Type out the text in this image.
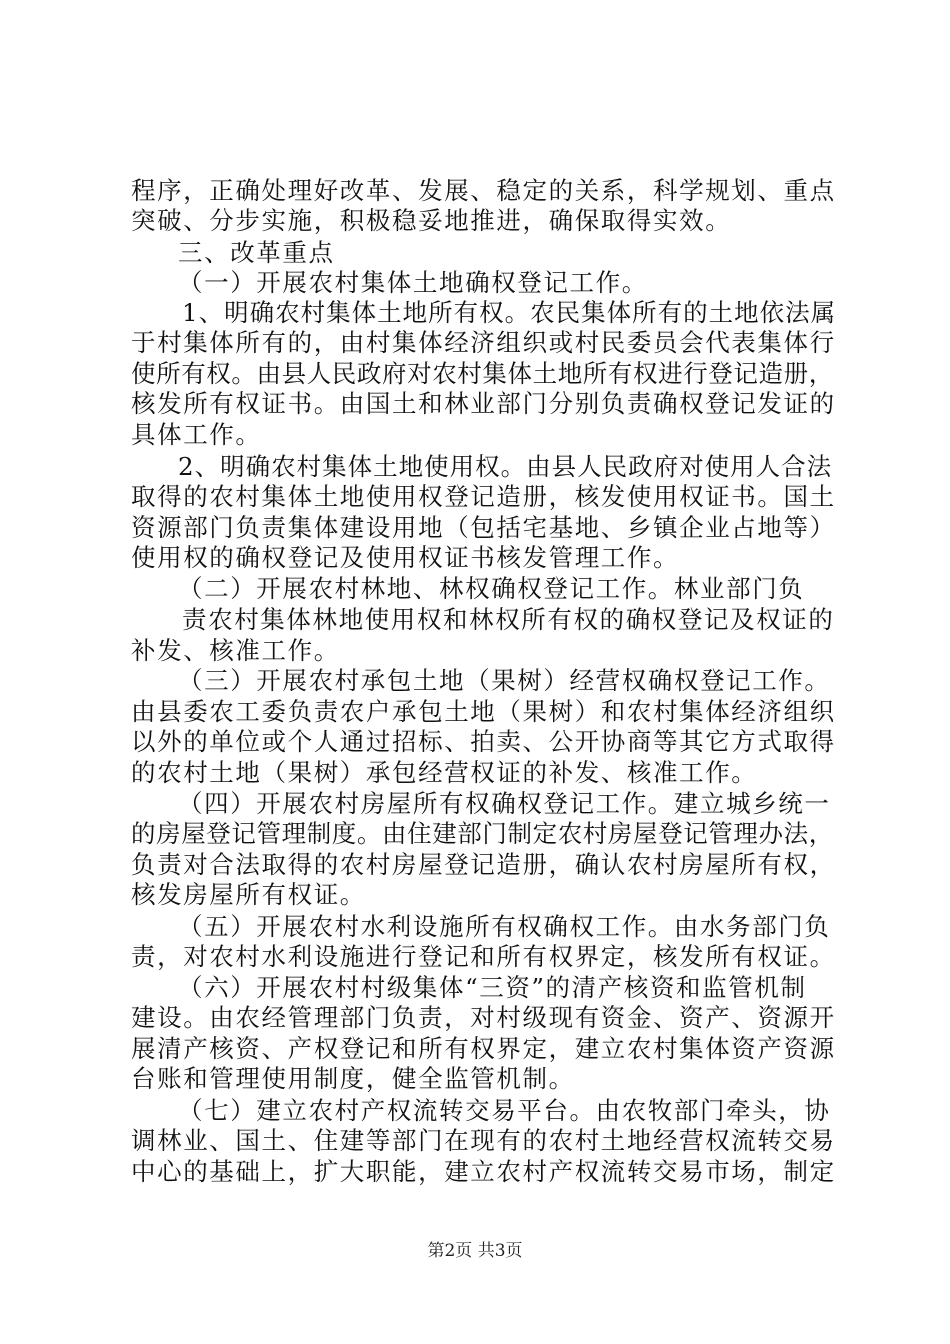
程序，正确处理好改革、发展、稳定的关系，科学规划、重点
突破、分步实施，积极稳妥地推进，确保取得实效。
三、改革重点
（一）开展农村集体土地确权登记工作。
1、明确农村集体土地所有权。农民集体所有的土地依法属
于村集体所有的，由村集体经济组织或村民委员会代表集体行
使所有权。由县人民政府对农村集体土地所有权进行登记造册，
核发所有权证书。由国土和林业部门分别负责确权登记发证的
具体工作。
2、明确农村集体土地使用权。由县人民政府对使用人合法
取得的农村集体土地使用权登记造册，核发使用权证书。国土
资源部门负责集体建设用地（包括宅基地、乡镇企业占地等）
使用权的确权登记及使用权证书核发管理工作。
（二）开展农村林地、林权确权登记工作。林业部门负
责农村集体林地使用权和林权所有权的确权登记及权证的
补发、核准工作。
（三）开展农村承包土地（果树）经营权确权登记工作。
由县委农工委负责农户承包土地（果树）和农村集体经济组织
以外的单位或个人通过招标、拍卖、公开协商等其它方式取得
的农村土地（果树）承包经营权证的补发、核准工作。
（四）开展农村房屋所有权确权登记工作。建立城乡统一
的房屋登记管理制度。由住建部门制定农村房屋登记管理办法，
负责对合法取得的农村房屋登记造册，确认农村房屋所有权，
核发房屋所有权证。
（五）开展农村水利设施所有权确权工作。由水务部门负
责，对农村水利设施进行登记和所有权界定，核发所有权证。
（六）开展农村村级集体“三资”的清产核资和监管机制
建设。由农经管理部门负责，对村级现有资金、资产、资源开
展清产核资、产权登记和所有权界定，建立农村集体资产资源
台账和管理使用制度，健全监管机制。
（七）建立农村产权流转交易平台。由农牧部门牵头，协
调林业、国土、住建等部门在现有的农村土地经营权流转交易
中心的基础上，扩大职能，建立农村产权流转交易市场，制定
第2页 共3页
